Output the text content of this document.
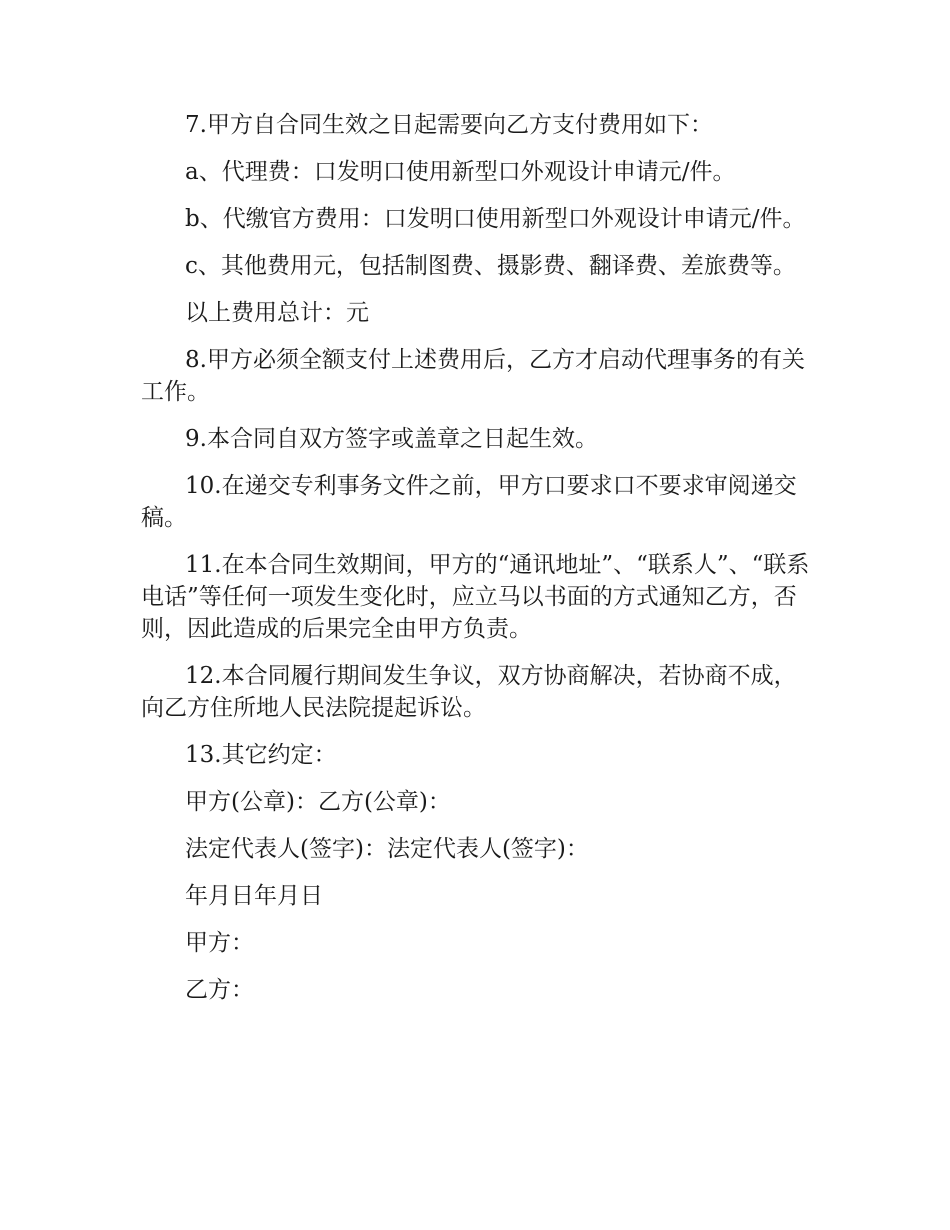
7.甲方自合同生效之日起需要向乙方支付费用如下：

a、代理费：口发明口使用新型口外观设计申请元/件。

b、代缴官方费用：口发明口使用新型口外观设计申请元/件。

c、其他费用元，包括制图费、摄影费、翻译费、差旅费等。

以上费用总计：元

8.甲方必须全额支付上述费用后，乙方才启动代理事务的有关工作。

9.本合同自双方签字或盖章之日起生效。

10.在递交专利事务文件之前，甲方口要求口不要求审阅递交稿。

11.在本合同生效期间，甲方的“通讯地址”、“联系人”、“联系电话”等任何一项发生变化时，应立马以书面的方式通知乙方，否则，因此造成的后果完全由甲方负责。

12.本合同履行期间发生争议，双方协商解决，若协商不成，向乙方住所地人民法院提起诉讼。

13.其它约定：

甲方(公章)：乙方(公章)：

法定代表人(签字)：法定代表人(签字)：

年月日年月日

甲方：

乙方：
